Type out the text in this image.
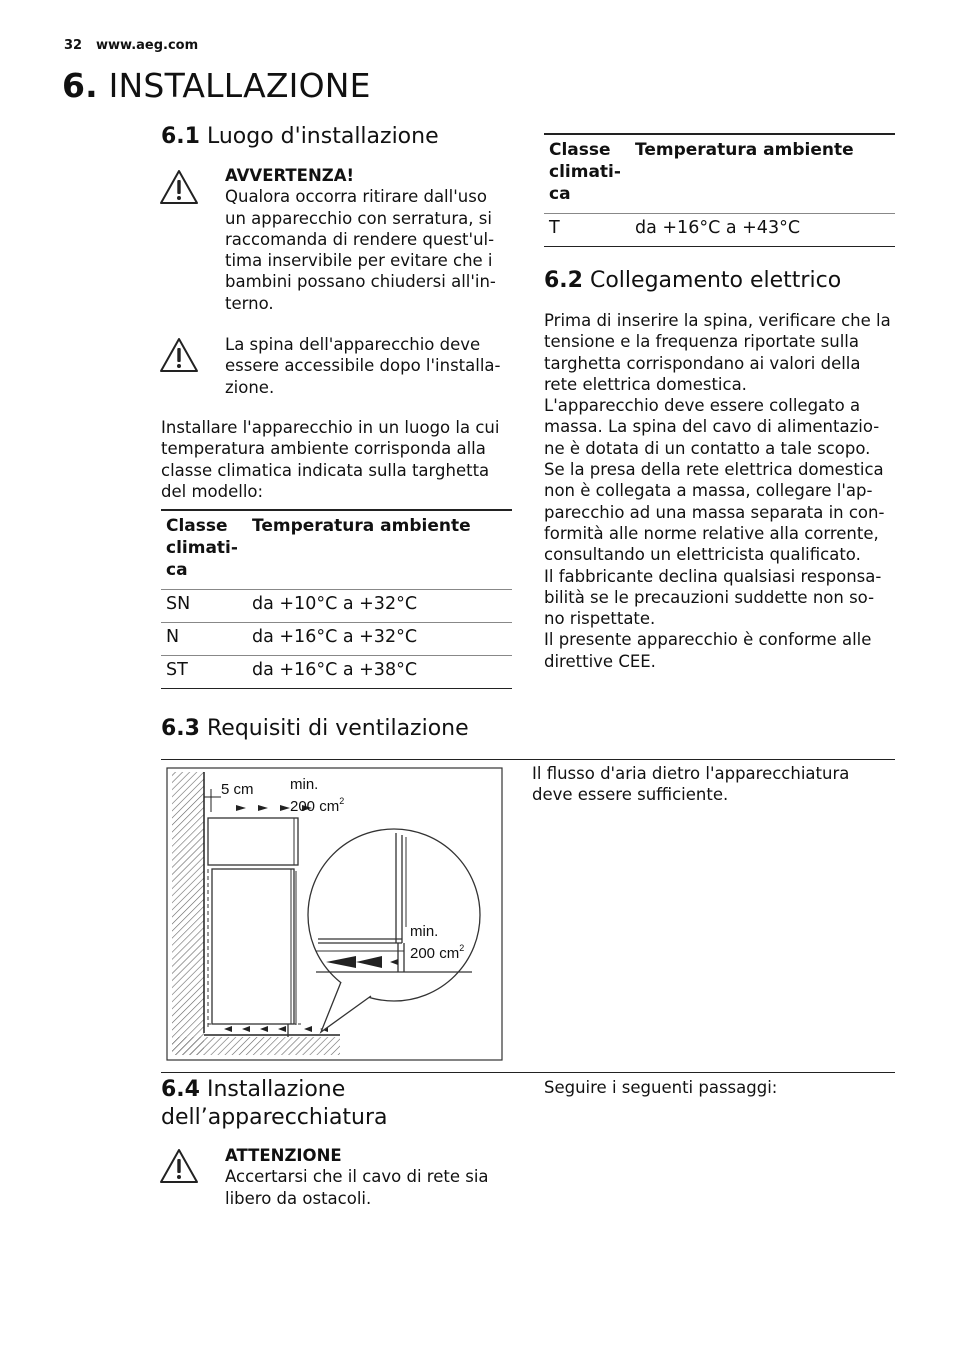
32 www.aeg.com
6. INSTALLAZIONE
6.1 Luogo d'installazione
AVVERTENZA!
Qualora occorra ritirare dall'uso
un apparecchio con serratura, si
raccomanda di rendere quest'ul-
tima inservibile per evitare che i
bambini possano chiudersi all'in-
terno.
La spina dell'apparecchio deve
essere accessibile dopo l'installa-
zione.
Installare l'apparecchio in un luogo la cui
temperatura ambiente corrisponda alla
classe climatica indicata sulla targhetta
del modello:
Classe
climati-
ca	Temperatura ambiente
SN	da +10°C a +32°C
N	da +16°C a +32°C
ST	da +16°C a +38°C
Classe
climati-
ca	Temperatura ambiente
T	da +16°C a +43°C
6.2 Collegamento elettrico
Prima di inserire la spina, verificare che la
tensione e la frequenza riportate sulla
targhetta corrispondano ai valori della
rete elettrica domestica.
L'apparecchio deve essere collegato a
massa. La spina del cavo di alimentazio-
ne è dotata di un contatto a tale scopo.
Se la presa della rete elettrica domestica
non è collegata a massa, collegare l'ap-
parecchio ad una massa separata in con-
formità alle norme relative alla corrente,
consultando un elettricista qualificato.
Il fabbricante declina qualsiasi responsa-
bilità se le precauzioni suddette non so-
no rispettate.
Il presente apparecchio è conforme alle
direttive CEE.
6.3 Requisiti di ventilazione
5 cm min.
200 $cm^2$
min.
200 $cm^2$
Il flusso d'aria dietro l'apparecchiatura
deve essere sufficiente.
6.4 Installazione
dell’apparecchiatura
ATTENZIONE
Accertarsi che il cavo di rete sia
libero da ostacoli.
Seguire i seguenti passaggi:
